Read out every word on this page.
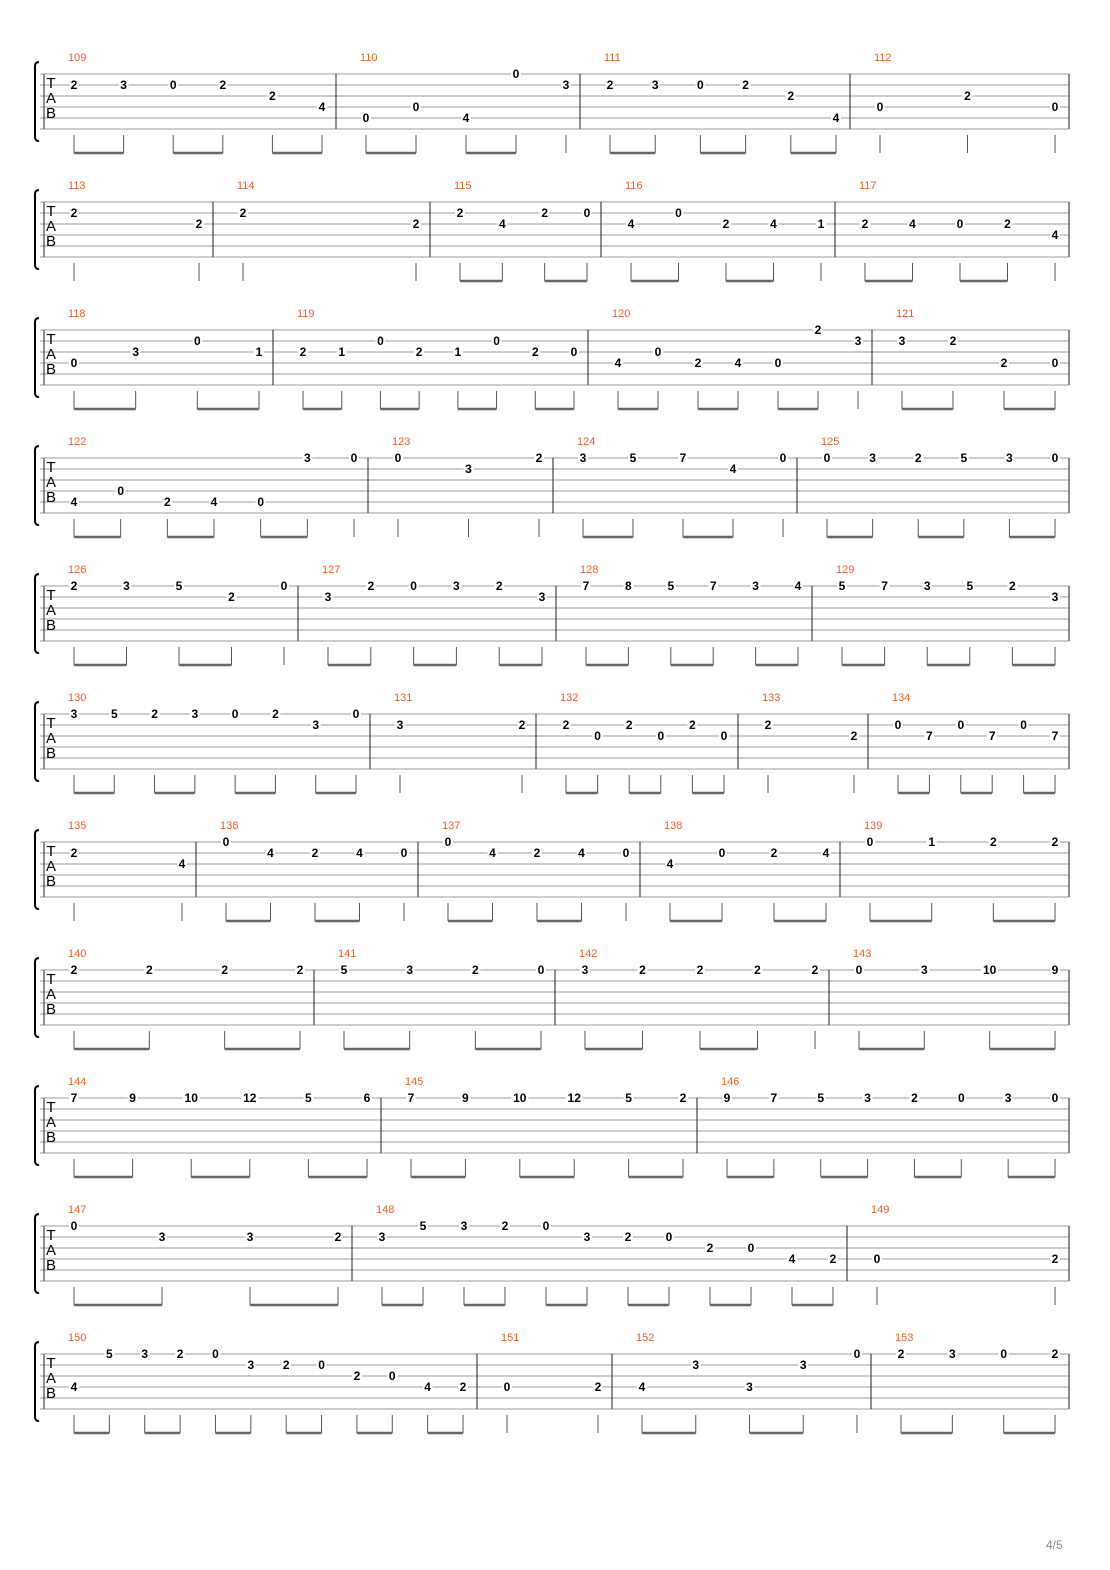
T
A
B
109
2	3	0	2
2
4
110
0
0
4
0
3
111
2	3	0	2
2
4
112
0
2
0
T
A
B
113
2
2
114
2
2
115
2
4
2	0
116
4
0
2	4	1
117
2	4	0	2
4
T
A
B
118
0
3
0
1
119
2	1
0
2	1
0
2	0
120
4
0
2	4	0
2
3
121
3	2
2	0
T
A
B
122
4
0
2	4	0
3	0
123
0
3
2
124
3	5	7
4
0
125
0	3	2	5	3	0
T
A
B
126
2	3	5
2
0
127
3
2	0	3	2
3
128
7	8	5	7	3	4
129
5	7	3	5	2
3
T
A
B
130
3	5	2	3	0	2
3
0
131
3	2
132
2
0
2
0
2
0
133
2
2
134
0
7
0
7
0
7
T
A
B
135
2
4
136
0
4	2	4	0
137
0
4	2	4	0
138
4
0	2	4
139
0	1	2	2
T
A
B
140
2	2	2	2
141
5	3	2	0
142
3	2	2	2	2
143
0	3	10	9
T
A
B
144
7	9	10	12	5	6
145
7	9	10	12	5	2
146
9	7	5	3	2	0	3	0
T
A
B
147
0
3	3	2
148
3
5	3	2	0
3	2	0
2	0
4	2
149
0	2
T
A
B
150
4
5 3 2 0
3 2 0
2 0
4 2
151
0	2
152
4
3
3
3
0
153
2	3	0	2
4/5
